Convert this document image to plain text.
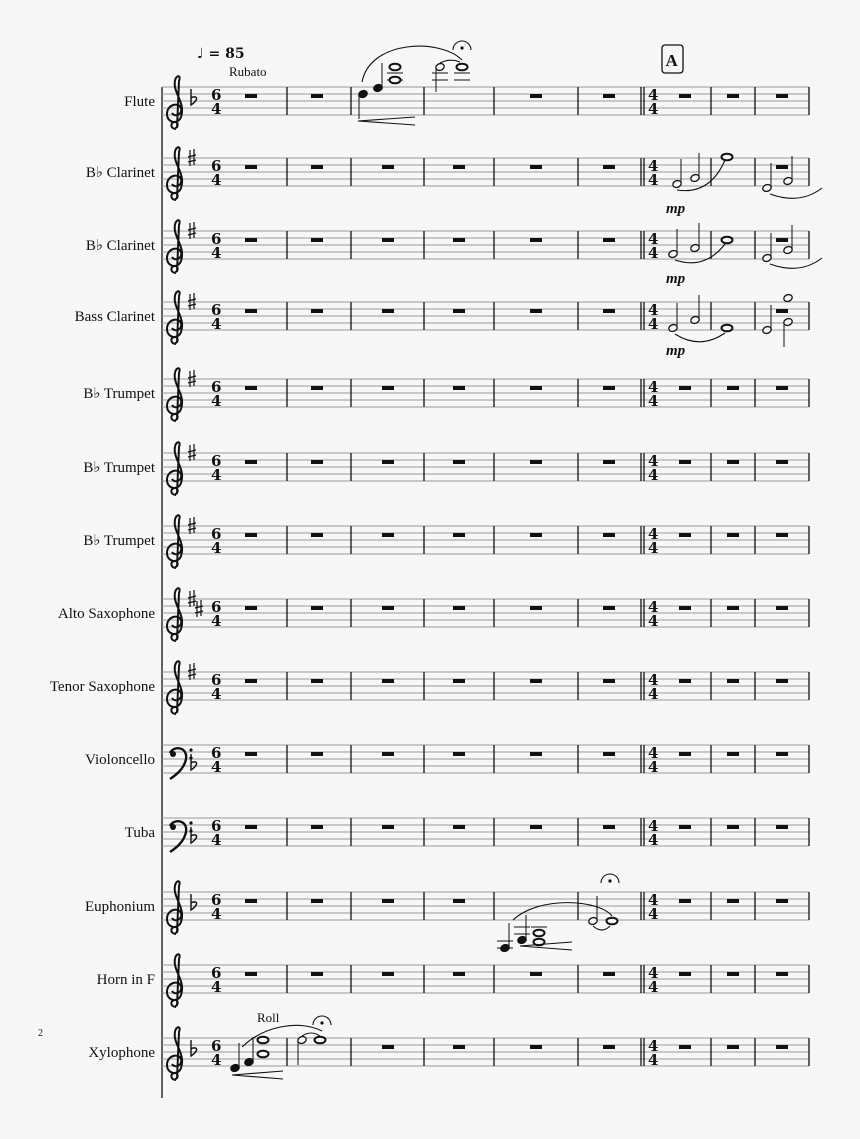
♩ = 85
Rubato
A
2
Roll
mp
mp
mp
Flute	6
4
4
4
B♭ Clarinet	6
4
4
4
B♭ Clarinet	6
4
4
4
Bass Clarinet	6
4
4
4
B♭ Trumpet	6
4
4
4
B♭ Trumpet	6
4
4
4
B♭ Trumpet	6
4
4
4
Alto Saxophone	6
4
4
4
Tenor Saxophone	6
4
4
4
Violoncello	6
4
4
4
Tuba	6
4
4
4
Euphonium	6
4
4
4
Horn in F	6
4
4
4
Xylophone	6
4
4
4
